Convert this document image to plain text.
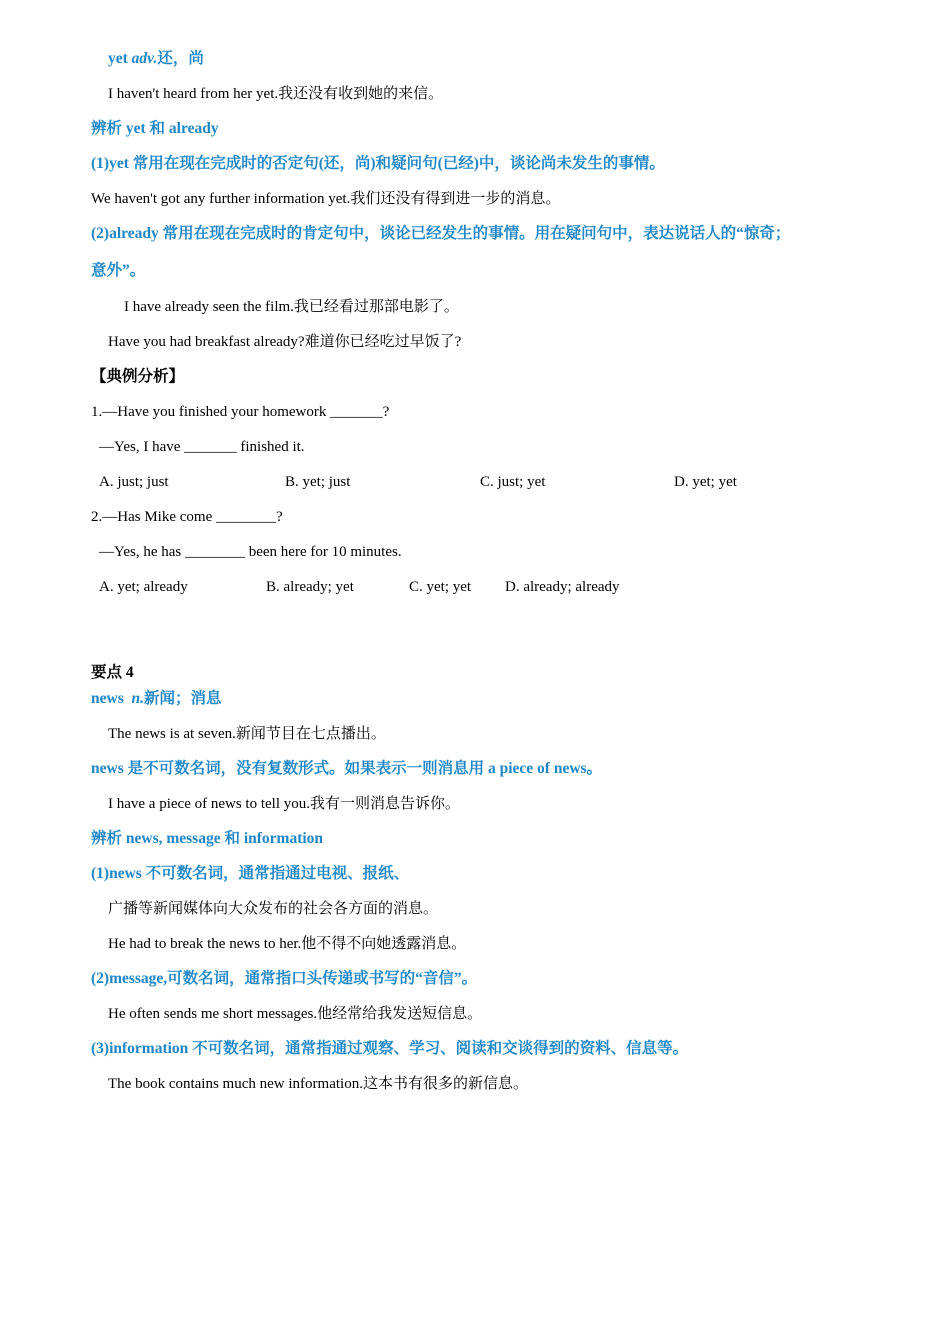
yet adv.还，尚
I haven't heard from her yet.我还没有收到她的来信。
辨析 yet 和 already
(1)yet 常用在现在完成时的否定句(还，尚)和疑问句(已经)中，谈论尚未发生的事情。
We haven't got any further information yet.我们还没有得到进一步的消息。
(2)already 常用在现在完成时的肯定句中，谈论已经发生的事情。用在疑问句中，表达说话人的“惊奇；
意外”。
I have already seen the film.我已经看过那部电影了。
Have you had breakfast already?难道你已经吃过早饭了?
【典例分析】
1.—Have you finished your homework _______?
—Yes, I have _______ finished it.
A. just; just	B. yet; just	C. just; yet	D. yet; yet
2.—Has Mike come ________?
—Yes, he has ________ been here for 10 minutes.
A. yet; already	B. already; yet	C. yet; yet D. already; already
要点 4
news n.新闻；消息
The news is at seven.新闻节目在七点播出。
news 是不可数名词，没有复数形式。如果表示一则消息用 a piece of news。
I have a piece of news to tell you.我有一则消息告诉你。
辨析 news, message 和 information
(1)news 不可数名词，通常指通过电视、报纸、
广播等新闻媒体向大众发布的社会各方面的消息。
He had to break the news to her.他不得不向她透露消息。
(2)message,可数名词，通常指口头传递或书写的“音信”。
He often sends me short messages.他经常给我发送短信息。
(3)information 不可数名词，通常指通过观察、学习、阅读和交谈得到的资料、信息等。
The book contains much new information.这本书有很多的新信息。
